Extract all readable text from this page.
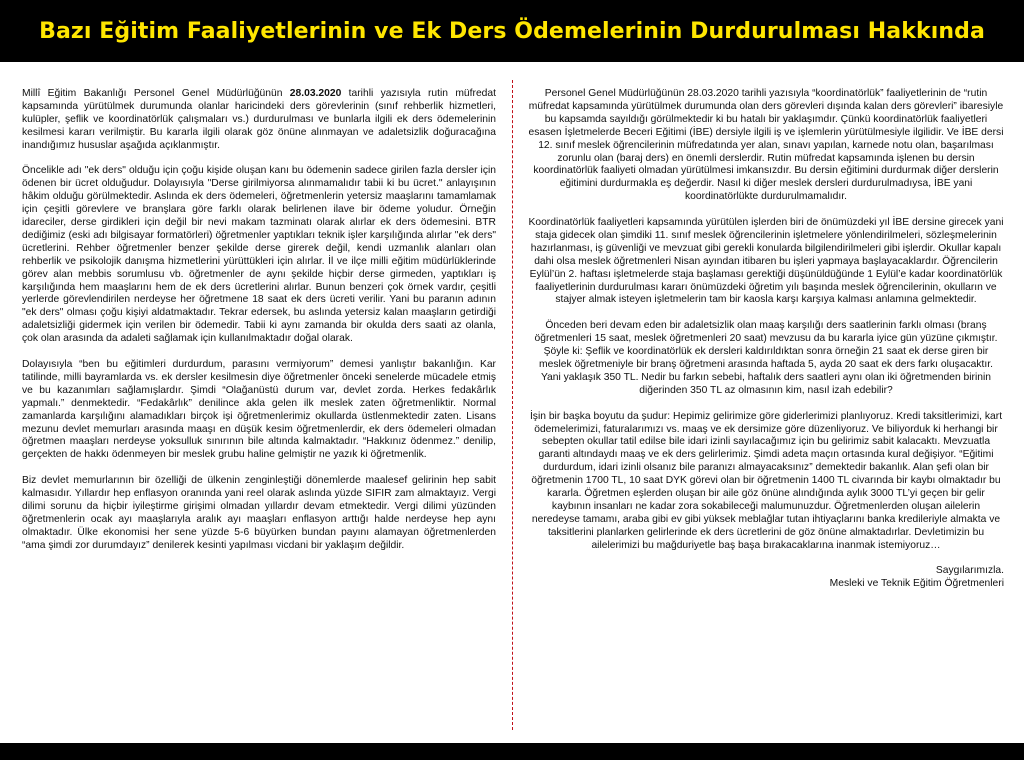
Bazı Eğitim Faaliyetlerinin ve Ek Ders Ödemelerinin Durdurulması Hakkında

Millî Eğitim Bakanlığı Personel Genel Müdürlüğünün 28.03.2020 tarihli yazısıyla rutin müfredat kapsamında yürütülmek durumunda olanlar haricindeki ders görevlerinin (sınıf rehberlik hizmetleri, kulüpler, şeflik ve koordinatörlük çalışmaları vs.) durdurulması ve bunlarla ilgili ek ders ödemelerinin kesilmesi kararı verilmiştir. Bu kararla ilgili olarak göz önüne alınmayan ve adaletsizlik doğuracağına inandığımız hususlar aşağıda açıklanmıştır.

Öncelikle adı "ek ders" olduğu için çoğu kişide oluşan kanı bu ödemenin sadece girilen fazla dersler için ödenen bir ücret olduğudur. Dolayısıyla "Derse girilmiyorsa alınmamalıdır tabii ki bu ücret." anlayışının hâkim olduğu görülmektedir. Aslında ek ders ödemeleri, öğretmenlerin yetersiz maaşlarını tamamlamak için çeşitli görevlere ve branşlara göre farklı olarak belirlenen ilave bir ödeme yoludur. Örneğin idareciler, derse girdikleri için değil bir nevi makam tazminatı olarak alırlar ek ders ödemesini. BTR dediğimiz (eski adı bilgisayar formatörleri) öğretmenler yaptıkları teknik işler karşılığında alırlar "ek ders" ücretlerini. Rehber öğretmenler benzer şekilde derse girerek değil, kendi uzmanlık alanları olan rehberlik ve psikolojik danışma hizmetlerini yürüttükleri için alırlar. İl ve ilçe milli eğitim müdürlüklerinde görev alan mebbis sorumlusu vb. öğretmenler de aynı şekilde hiçbir derse girmeden, yaptıkları iş karşılığında hem maaşlarını hem de ek ders ücretlerini alırlar. Bunun benzeri çok örnek vardır, çeşitli yerlerde görevlendirilen nerdeyse her öğretmene 18 saat ek ders ücreti verilir. Yani bu paranın adının "ek ders" olması çoğu kişiyi aldatmaktadır. Tekrar edersek, bu aslında yetersiz kalan maaşların getirdiği adaletsizliği gidermek için verilen bir ödemedir. Tabii ki aynı zamanda bir okulda ders saati az olanla, çok olan arasında da adaleti sağlamak için kullanılmaktadır doğal olarak.

Dolayısıyla “ben bu eğitimleri durdurdum, parasını vermiyorum” demesi yanlıştır bakanlığın. Kar tatilinde, milli bayramlarda vs. ek dersler kesilmesin diye öğretmenler önceki senelerde mücadele etmiş ve bu kazanımları sağlamışlardır. Şimdi “Olağanüstü durum var, devlet zorda. Herkes fedakârlık yapmalı.” denmektedir. “Fedakârlık” denilince akla gelen ilk meslek zaten öğretmenliktir. Normal zamanlarda karşılığını alamadıkları birçok işi öğretmenlerimiz okullarda üstlenmektedir zaten. Lisans mezunu devlet memurları arasında maaşı en düşük kesim öğretmenlerdir, ek ders ödemeleri olmadan öğretmen maaşları nerdeyse yoksulluk sınırının bile altında kalmaktadır. “Hakkınız ödenmez.” denilip, gerçekten de hakkı ödenmeyen bir meslek grubu haline gelmiştir ne yazık ki öğretmenlik.

Biz devlet memurlarının bir özelliği de ülkenin zenginleştiği dönemlerde maalesef gelirinin hep sabit kalmasıdır. Yıllardır hep enflasyon oranında yani reel olarak aslında yüzde SIFIR zam almaktayız. Vergi dilimi sorunu da hiçbir iyileştirme girişimi olmadan yıllardır devam etmektedir. Vergi dilimi yüzünden öğretmenlerin ocak ayı maaşlarıyla aralık ayı maaşları enflasyon arttığı halde nerdeyse hep aynı olmaktadır. Ülke ekonomisi her sene yüzde 5-6 büyürken bundan payını alamayan öğretmenlerden “ama şimdi zor durumdayız” denilerek kesinti yapılması vicdani bir yaklaşım değildir.

Personel Genel Müdürlüğünün 28.03.2020 tarihli yazısıyla “koordinatörlük” faaliyetlerinin de “rutin müfredat kapsamında yürütülmek durumunda olan ders görevleri dışında kalan ders görevleri” ibaresiyle bu kapsamda sayıldığı görülmektedir ki bu hatalı bir yaklaşımdır. Çünkü koordinatörlük faaliyetleri esasen İşletmelerde Beceri Eğitimi (İBE) dersiyle ilgili iş ve işlemlerin yürütülmesiyle ilgilidir. Ve İBE dersi 12. sınıf meslek öğrencilerinin müfredatında yer alan, sınavı yapılan, karnede notu olan, başarılması zorunlu olan (baraj ders) en önemli derslerdir. Rutin müfredat kapsamında işlenen bu dersin koordinatörlük faaliyeti olmadan yürütülmesi imkansızdır. Bu dersin eğitimini durdurmak diğer derslerin eğitimini durdurmakla eş değerdir. Nasıl ki diğer meslek dersleri durdurulmadıysa, İBE yani koordinatörlükte durdurulmamalıdır.

Koordinatörlük faaliyetleri kapsamında yürütülen işlerden biri de önümüzdeki yıl İBE dersine girecek yani staja gidecek olan şimdiki 11. sınıf meslek öğrencilerinin işletmelere yönlendirilmeleri, sözleşmelerinin hazırlanması, iş güvenliği ve mevzuat gibi gerekli konularda bilgilendirilmeleri gibi işlerdir. Okullar kapalı dahi olsa meslek öğretmenleri Nisan ayından itibaren bu işleri yapmaya başlayacaklardır. Öğrencilerin Eylül’ün 2. haftası işletmelerde staja başlaması gerektiği düşünüldüğünde 1 Eylül’e kadar koordinatörlük faaliyetlerinin durdurulması kararı önümüzdeki öğretim yılı başında meslek öğrencilerinin, okulların ve stajyer almak isteyen işletmelerin tam bir kaosla karşı karşıya kalması anlamına gelmektedir.

Önceden beri devam eden bir adaletsizlik olan maaş karşılığı ders saatlerinin farklı olması (branş öğretmenleri 15 saat, meslek öğretmenleri 20 saat) mevzusu da bu kararla iyice gün yüzüne çıkmıştır. Şöyle ki: Şeflik ve koordinatörlük ek dersleri kaldırıldıktan sonra örneğin 21 saat ek derse giren bir meslek öğretmeniyle bir branş öğretmeni arasında haftada 5, ayda 20 saat ek ders farkı oluşacaktır. Yani yaklaşık 350 TL. Nedir bu farkın sebebi, haftalık ders saatleri aynı olan iki öğretmenden birinin diğerinden 350 TL az olmasının kim, nasıl izah edebilir?

İşin bir başka boyutu da şudur: Hepimiz gelirimize göre giderlerimizi planlıyoruz. Kredi taksitlerimizi, kart ödemelerimizi, faturalarımızı vs. maaş ve ek dersimize göre düzenliyoruz. Ve biliyorduk ki herhangi bir sebepten okullar tatil edilse bile idari izinli sayılacağımız için bu gelirimiz sabit kalacaktı. Mevzuatla garanti altındaydı maaş ve ek ders gelirlerimiz. Şimdi adeta maçın ortasında kural değişiyor. “Eğitimi durdurdum, idari izinli olsanız bile paranızı almayacaksınız” demektedir bakanlık. Alan şefi olan bir öğretmenin 1700 TL, 10 saat DYK görevi olan bir öğretmenin 1400 TL civarında bir kaybı olmaktadır bu kararla. Öğretmen eşlerden oluşan bir aile göz önüne alındığında aylık 3000 TL’yi geçen bir gelir kaybının insanları ne kadar zora sokabileceği malumunuzdur. Öğretmenlerden oluşan ailelerin neredeyse tamamı, araba gibi ev gibi yüksek meblağlar tutan ihtiyaçlarını banka kredileriyle almakta ve taksitlerini planlarken gelirlerinde ek ders ücretlerini de göz önüne almaktadırlar. Devletimizin bu ailelerimizi bu mağduriyetle baş başa bırakacaklarına inanmak istemiyoruz…

Saygılarımızla.

Mesleki ve Teknik Eğitim Öğretmenleri
